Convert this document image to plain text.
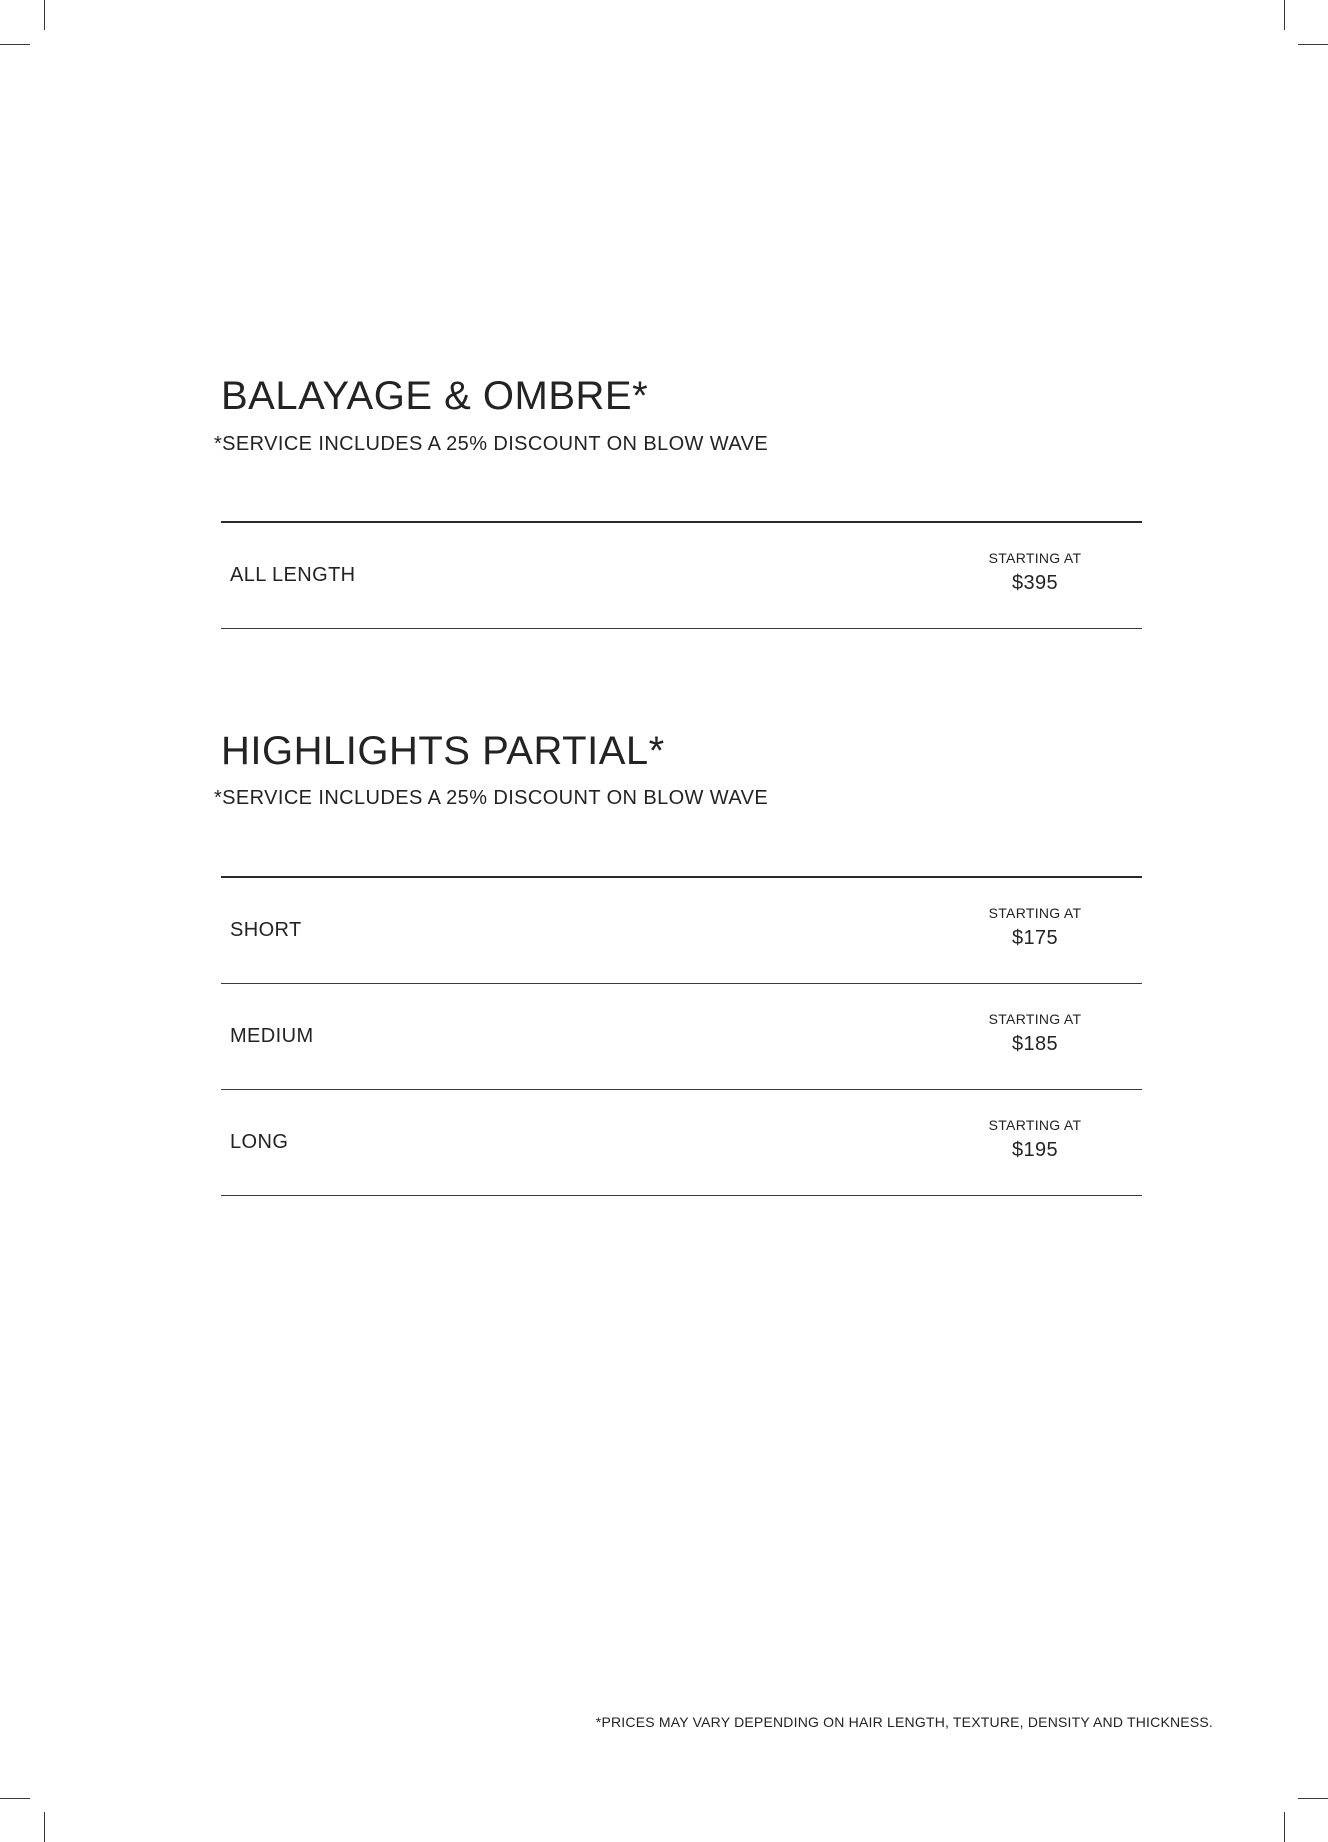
BALAYAGE & OMBRE*

*SERVICE INCLUDES A 25% DISCOUNT ON BLOW WAVE

ALL LENGTH
STARTING AT
$395
HIGHLIGHTS PARTIAL*

*SERVICE INCLUDES A 25% DISCOUNT ON BLOW WAVE

SHORT
STARTING AT
$175
MEDIUM
STARTING AT
$185
LONG
STARTING AT
$195

*PRICES MAY VARY DEPENDING ON HAIR LENGTH, TEXTURE, DENSITY AND THICKNESS.
